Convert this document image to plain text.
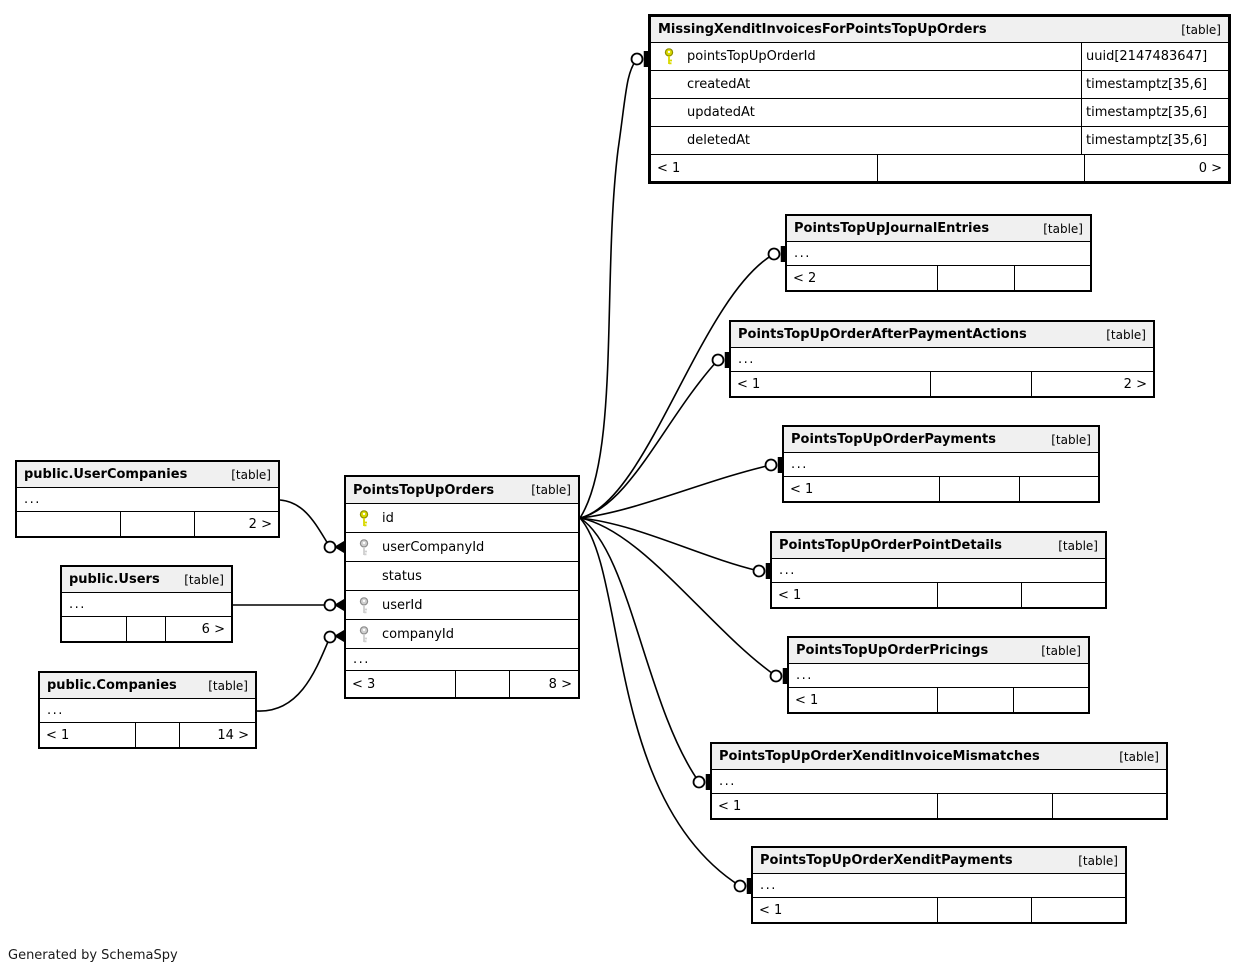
MissingXenditInvoicesForPointsTopUpOrders	[table]
pointsTopUpOrderId	uuid[2147483647]
createdAt	timestamptz[35,6]
updatedAt	timestamptz[35,6]
deletedAt	timestamptz[35,6]
< 1	0 >
PointsTopUpJournalEntries	[table]
...
< 2
PointsTopUpOrderAfterPaymentActions	[table]
...
< 1	2 >
PointsTopUpOrderPayments	[table]
...
< 1
PointsTopUpOrderPointDetails	[table]
...
< 1
PointsTopUpOrderPricings	[table]
...
< 1
PointsTopUpOrderXenditInvoiceMismatches	[table]
...
< 1
PointsTopUpOrderXenditPayments	[table]
...
< 1
public.UserCompanies	[table]
...
2 >
public.Users [table]
...
6 >
public.Companies	[table]
...
< 1	14 >
PointsTopUpOrders	[table]
id
userCompanyId
status
userId
companyId
...
< 3	8 >
Generated by SchemaSpy
